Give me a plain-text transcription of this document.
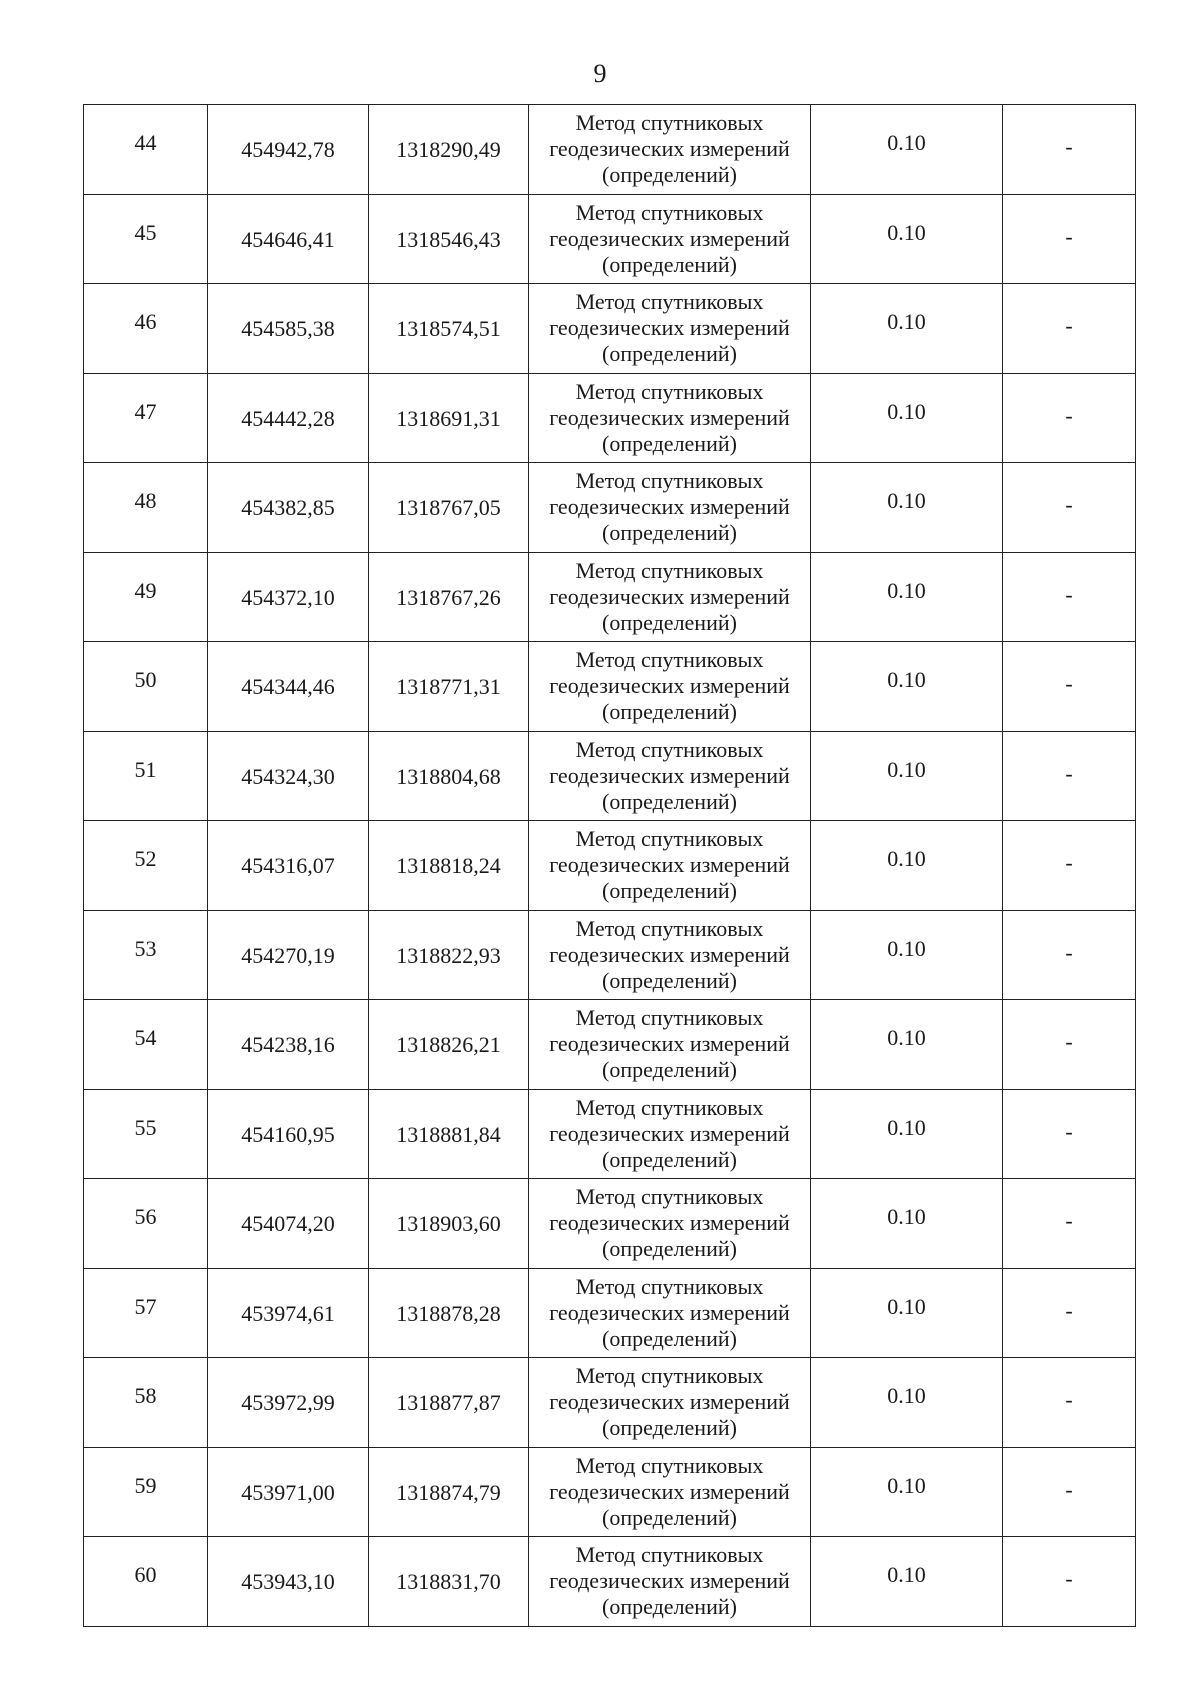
9
44	454942,78	1318290,49	Метод спутниковых
геодезических измерений
(определений)	0.10	-
45	454646,41	1318546,43	Метод спутниковых
геодезических измерений
(определений)	0.10	-
46	454585,38	1318574,51	Метод спутниковых
геодезических измерений
(определений)	0.10	-
47	454442,28	1318691,31	Метод спутниковых
геодезических измерений
(определений)	0.10	-
48	454382,85	1318767,05	Метод спутниковых
геодезических измерений
(определений)	0.10	-
49	454372,10	1318767,26	Метод спутниковых
геодезических измерений
(определений)	0.10	-
50	454344,46	1318771,31	Метод спутниковых
геодезических измерений
(определений)	0.10	-
51	454324,30	1318804,68	Метод спутниковых
геодезических измерений
(определений)	0.10	-
52	454316,07	1318818,24	Метод спутниковых
геодезических измерений
(определений)	0.10	-
53	454270,19	1318822,93	Метод спутниковых
геодезических измерений
(определений)	0.10	-
54	454238,16	1318826,21	Метод спутниковых
геодезических измерений
(определений)	0.10	-
55	454160,95	1318881,84	Метод спутниковых
геодезических измерений
(определений)	0.10	-
56	454074,20	1318903,60	Метод спутниковых
геодезических измерений
(определений)	0.10	-
57	453974,61	1318878,28	Метод спутниковых
геодезических измерений
(определений)	0.10	-
58	453972,99	1318877,87	Метод спутниковых
геодезических измерений
(определений)	0.10	-
59	453971,00	1318874,79	Метод спутниковых
геодезических измерений
(определений)	0.10	-
60	453943,10	1318831,70	Метод спутниковых
геодезических измерений
(определений)	0.10	-
